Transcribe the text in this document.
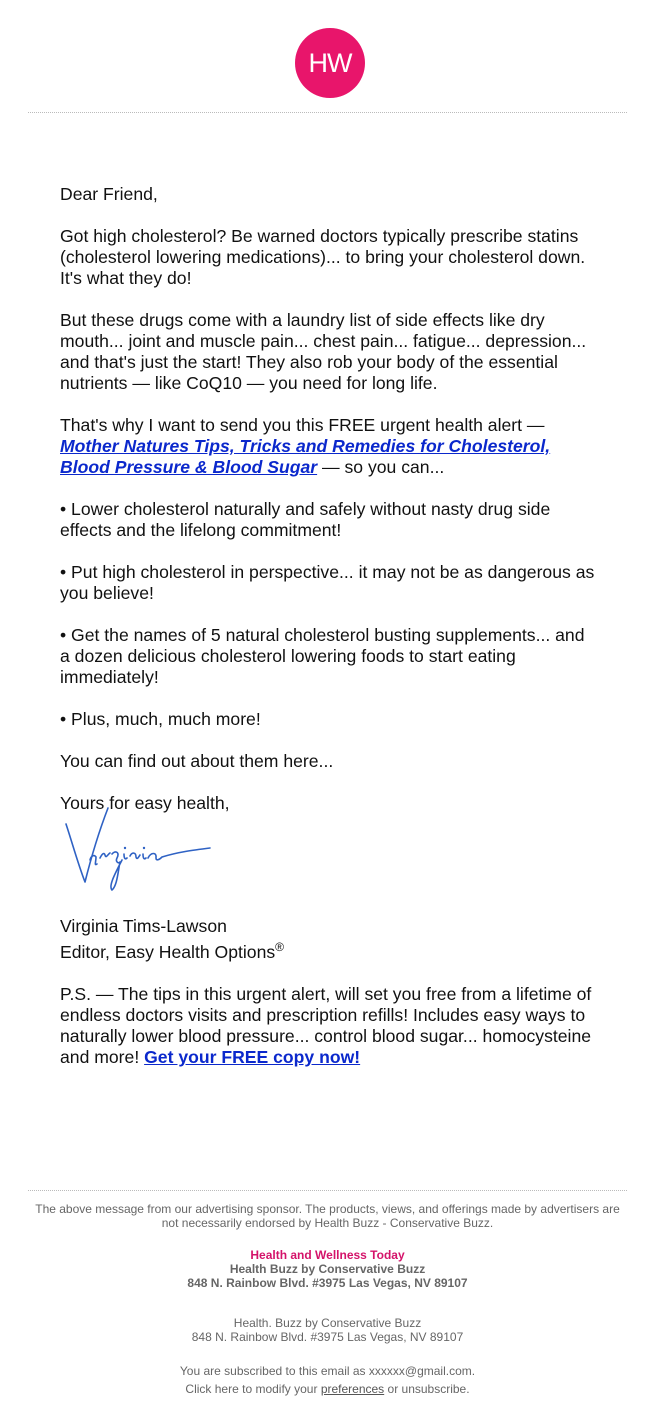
HW

Dear Friend,

Got high cholesterol? Be warned doctors typically prescribe statins (cholesterol lowering medications)... to bring your cholesterol down. It's what they do!

But these drugs come with a laundry list of side effects like dry mouth... joint and muscle pain... chest pain... fatigue... depression... and that's just the start! They also rob your body of the essential nutrients — like CoQ10 — you need for long life.

That's why I want to send you this FREE urgent health alert — Mother Natures Tips, Tricks and Remedies for Cholesterol, Blood Pressure & Blood Sugar — so you can...

• Lower cholesterol naturally and safely without nasty drug side effects and the lifelong commitment!

• Put high cholesterol in perspective... it may not be as dangerous as you believe!

• Get the names of 5 natural cholesterol busting supplements... and a dozen delicious cholesterol lowering foods to start eating immediately!

• Plus, much, much more!

You can find out about them here...

Yours for easy health,

Virginia Tims-Lawson

Editor, Easy Health Options®

P.S. — The tips in this urgent alert, will set you free from a lifetime of endless doctors visits and prescription refills! Includes easy ways to naturally lower blood pressure... control blood sugar... homocysteine and more! Get your FREE copy now!

The above message from our advertising sponsor. The products, views, and offerings made by advertisers are not necessarily endorsed by Health Buzz - Conservative Buzz.

Health and Wellness Today
Health Buzz by Conservative Buzz
848 N. Rainbow Blvd. #3975 Las Vegas, NV 89107

Health. Buzz by Conservative Buzz
848 N. Rainbow Blvd. #3975 Las Vegas, NV 89107

You are subscribed to this email as xxxxxx@gmail.com.
Click here to modify your preferences or unsubscribe.
